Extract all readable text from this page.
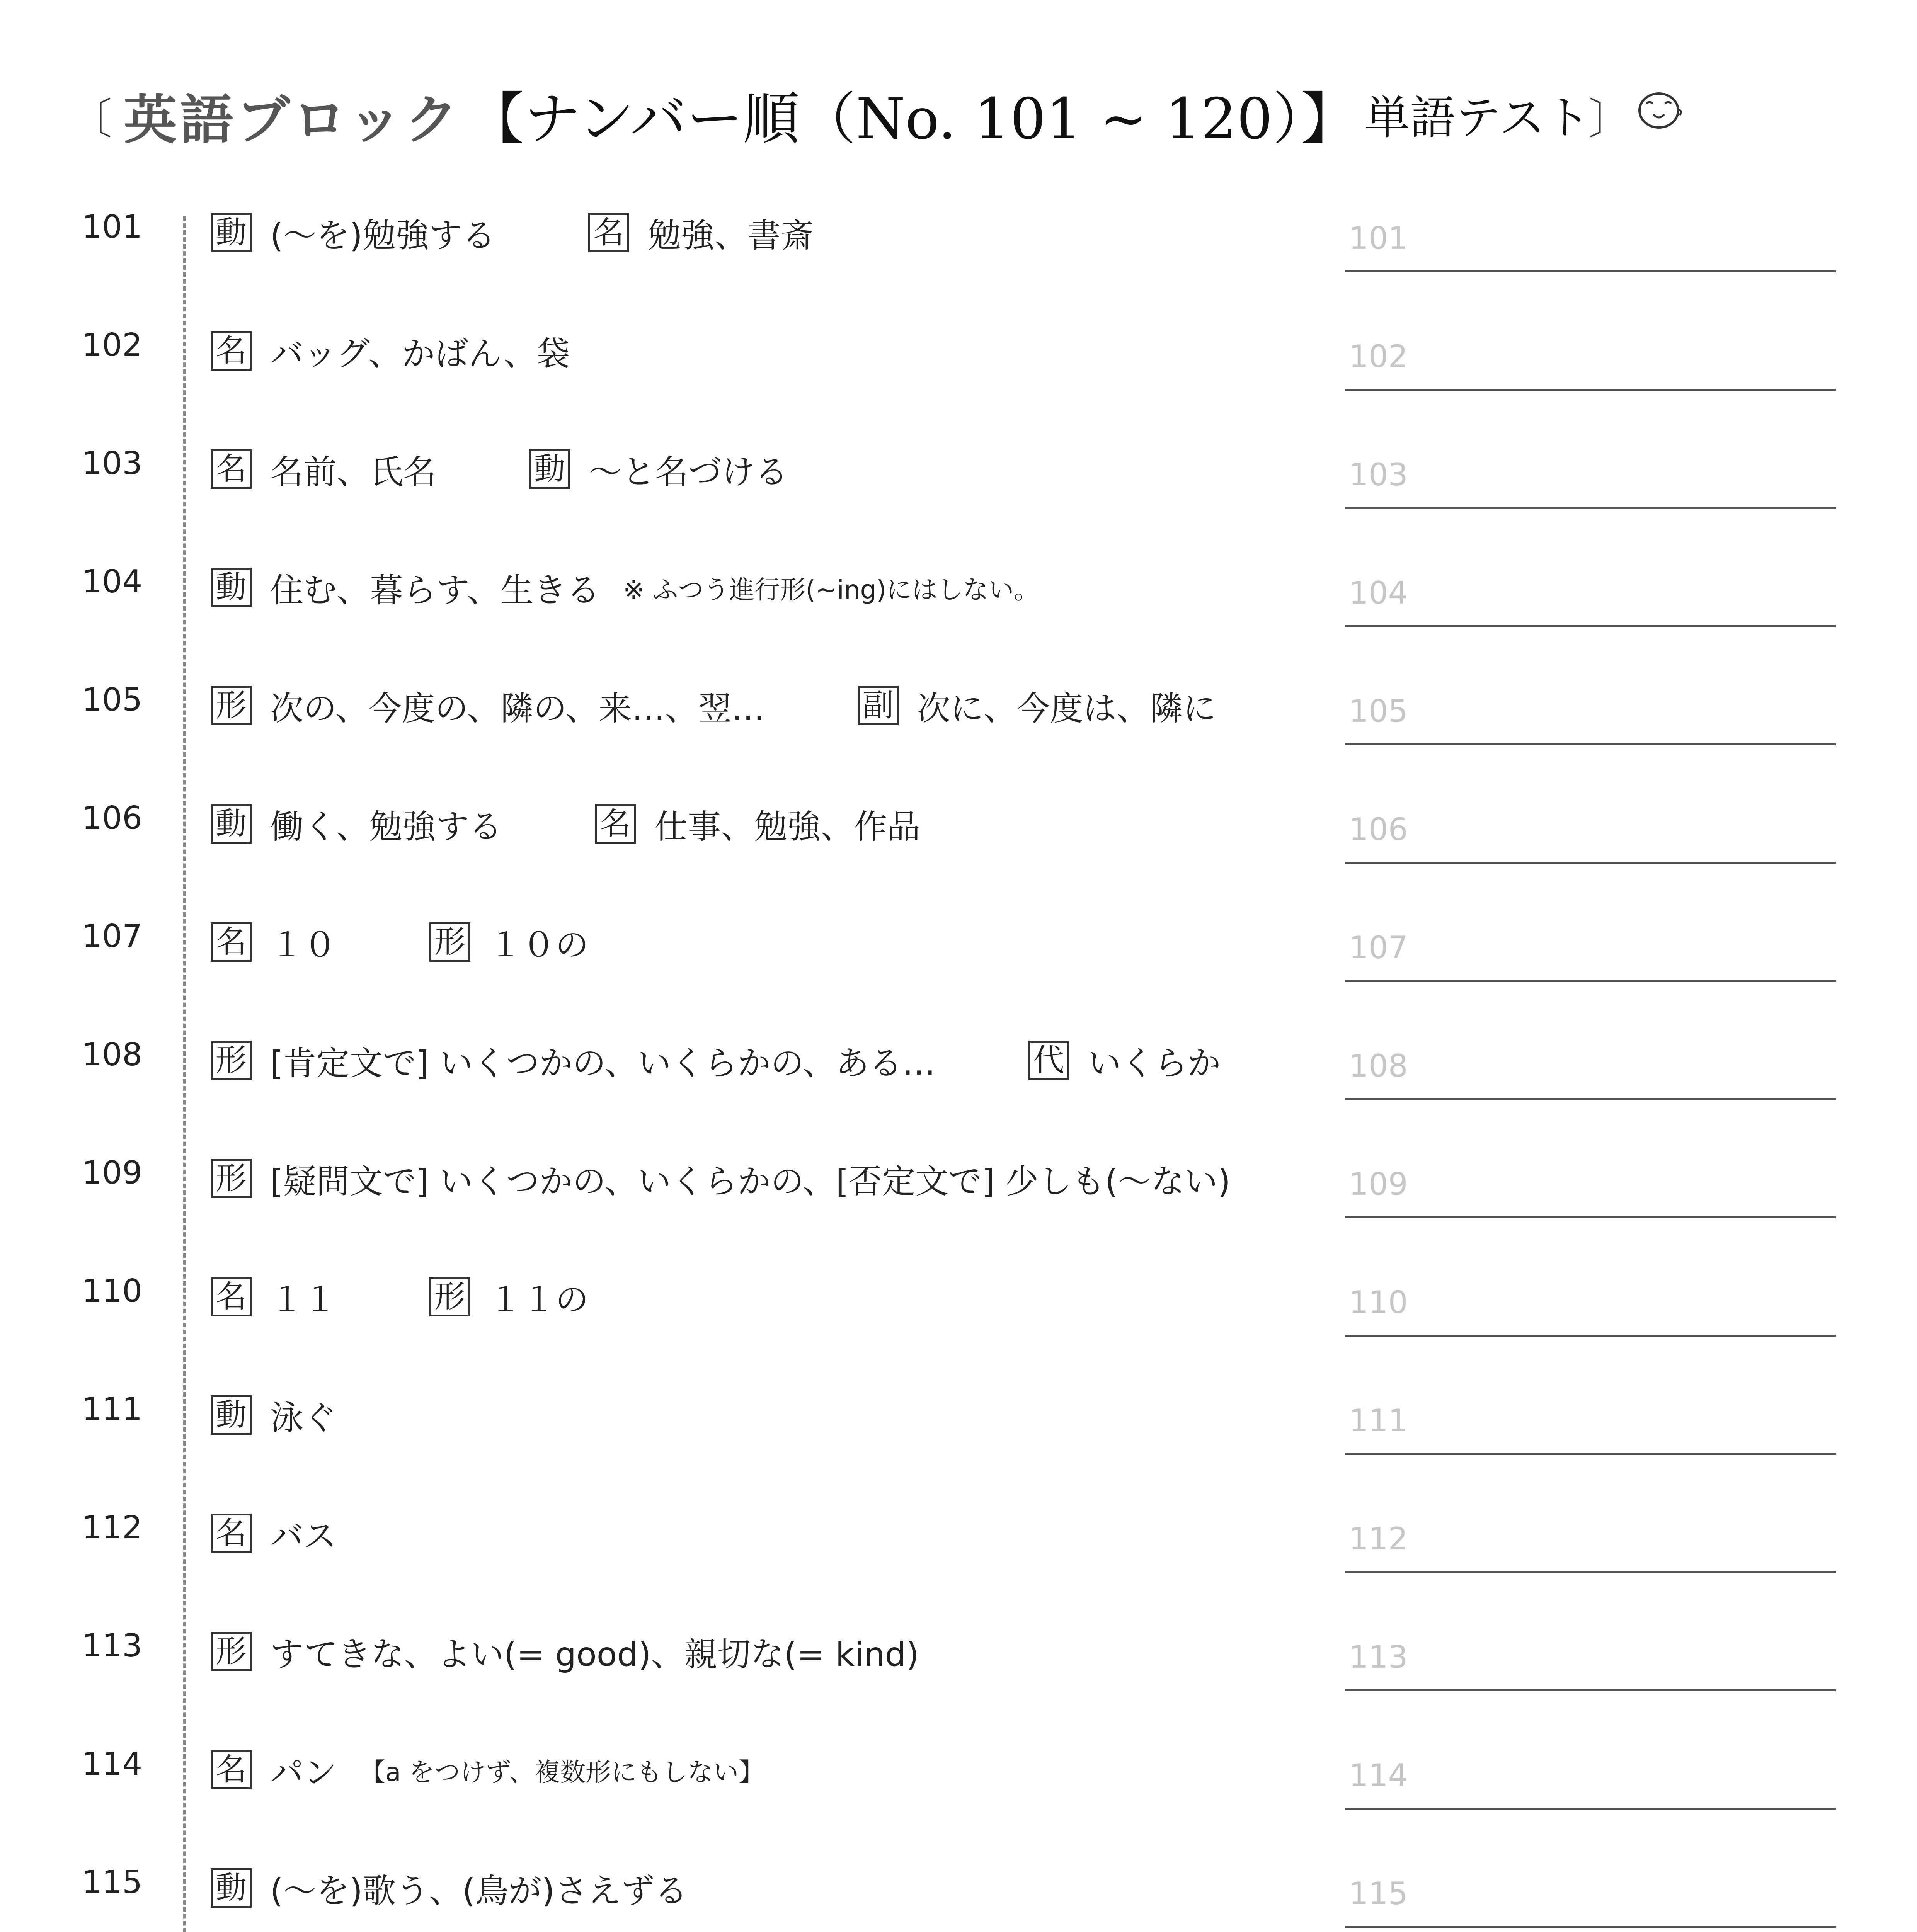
〔 英語ブロック 【ナンバー順（No. 101 ~ 120）】 単語テスト
〕
101	動 (〜を)勉強する	名 勉強、書斎	101
102	名 バッグ、かばん、袋	102
103	名 名前、氏名	動 〜と名づける	103
104	動 住む、暮らす、生きる ※ ふつう進行形(~ing)にはしない。	104
105	形 次の、今度の、隣の、来…、翌…	副 次に、今度は、隣に	105
106	動 働く、勉強する	名 仕事、勉強、作品	106
107	名 １０	形 １０の	107
108	形 [肯定文で] いくつかの、いくらかの、ある…	代 いくらか	108
109	形 [疑問文で] いくつかの、いくらかの、[否定文で] 少しも(〜ない)	109
110	名 １１	形 １１の	110
111	動 泳ぐ	111
112	名 バス	112
113	形 すてきな、よい(= good)、親切な(= kind)	113
114	名 パン 【a をつけず、複数形にもしない】	114
115	動 (〜を)歌う、(鳥が)さえずる	115
